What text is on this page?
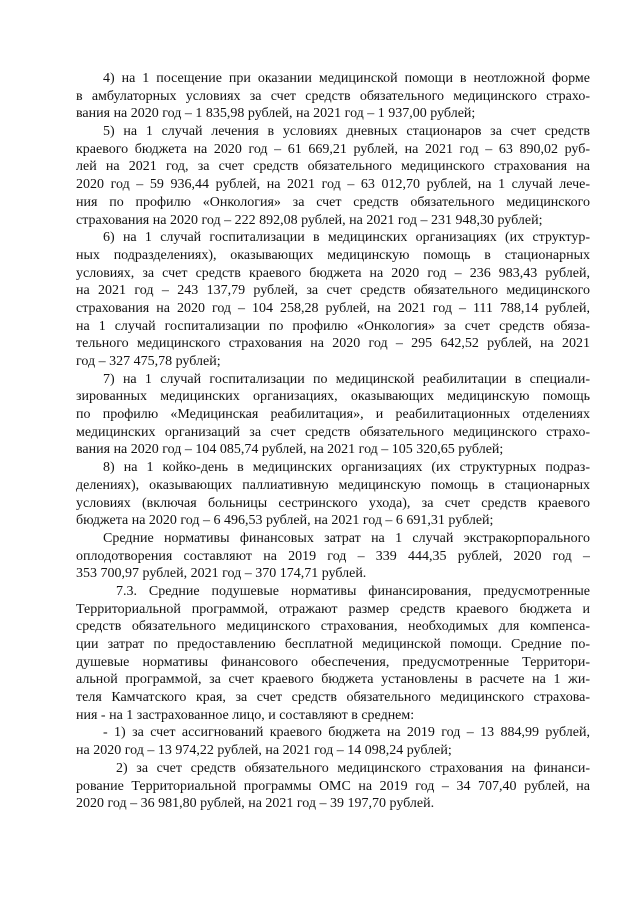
4) на 1 посещение при оказании медицинской помощи в неотложной форме
в амбулаторных условиях за счет средств обязательного медицинского страхо-
вания на 2020 год – 1 835,98 рублей, на 2021 год – 1 937,00 рублей;
5) на 1 случай лечения в условиях дневных стационаров за счет средств
краевого бюджета на 2020 год – 61 669,21 рублей, на 2021 год – 63 890,02 руб-
лей на 2021 год, за счет средств обязательного медицинского страхования на
2020 год – 59 936,44 рублей, на 2021 год – 63 012,70 рублей, на 1 случай лече-
ния по профилю «Онкология» за счет средств обязательного медицинского
страхования на 2020 год – 222 892,08 рублей, на 2021 год – 231 948,30 рублей;
6) на 1 случай госпитализации в медицинских организациях (их структур-
ных подразделениях), оказывающих медицинскую помощь в стационарных
условиях, за счет средств краевого бюджета на 2020 год – 236 983,43 рублей,
на 2021 год – 243 137,79 рублей, за счет средств обязательного медицинского
страхования на 2020 год – 104 258,28 рублей, на 2021 год – 111 788,14 рублей,
на 1 случай госпитализации по профилю «Онкология» за счет средств обяза-
тельного медицинского страхования на 2020 год – 295 642,52 рублей, на 2021
год – 327 475,78 рублей;
7) на 1 случай госпитализации по медицинской реабилитации в специали-
зированных медицинских организациях, оказывающих медицинскую помощь
по профилю «Медицинская реабилитация», и реабилитационных отделениях
медицинских организаций за счет средств обязательного медицинского страхо-
вания на 2020 год – 104 085,74 рублей, на 2021 год – 105 320,65 рублей;
8) на 1 койко-день в медицинских организациях (их структурных подраз-
делениях), оказывающих паллиативную медицинскую помощь в стационарных
условиях (включая больницы сестринского ухода), за счет средств краевого
бюджета на 2020 год – 6 496,53 рублей, на 2021 год – 6 691,31 рублей;
Средние нормативы финансовых затрат на 1 случай экстракорпорального
оплодотворения составляют на 2019 год – 339 444,35 рублей, 2020 год –
353 700,97 рублей, 2021 год – 370 174,71 рублей.
7.3. Средние подушевые нормативы финансирования, предусмотренные
Территориальной программой, отражают размер средств краевого бюджета и
средств обязательного медицинского страхования, необходимых для компенса-
ции затрат по предоставлению бесплатной медицинской помощи. Средние по-
душевые нормативы финансового обеспечения, предусмотренные Территори-
альной программой, за счет краевого бюджета установлены в расчете на 1 жи-
теля Камчатского края, за счет средств обязательного медицинского страхова-
ния - на 1 застрахованное лицо, и составляют в среднем:
- 1) за счет ассигнований краевого бюджета на 2019 год – 13 884,99 рублей,
на 2020 год – 13 974,22 рублей, на 2021 год – 14 098,24 рублей;
2) за счет средств обязательного медицинского страхования на финанси-
рование Территориальной программы ОМС на 2019 год – 34 707,40 рублей, на
2020 год – 36 981,80 рублей, на 2021 год – 39 197,70 рублей.
